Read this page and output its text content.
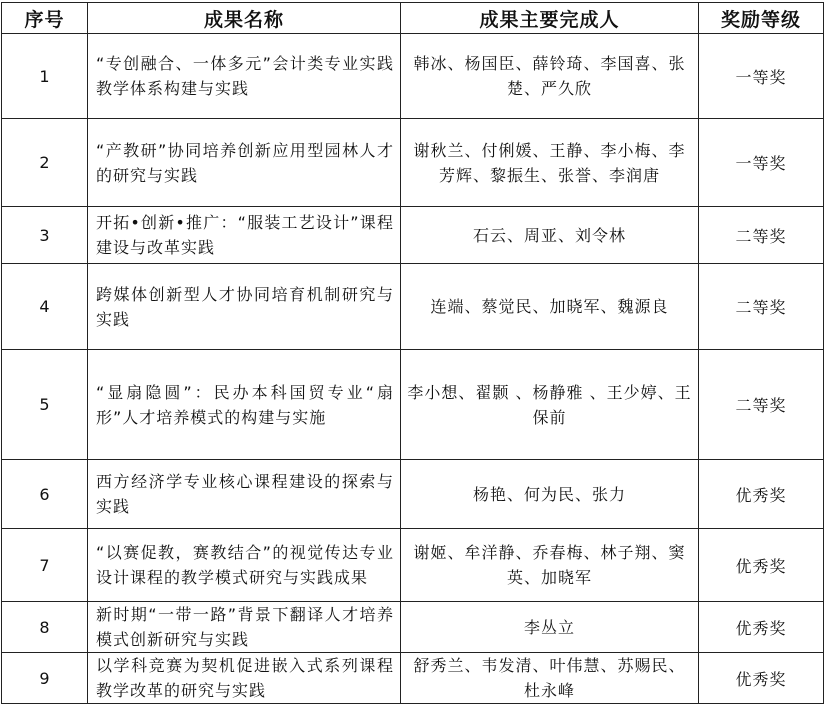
序号	成果名称	成果主要完成人	奖励等级
1	“专创融合、一体多元”会计类专业实践教学体系构建与实践	韩冰、杨国臣、薛铃琦、李国喜、张楚、严久欣	一等奖
2	“产教研”协同培养创新应用型园林人才的研究与实践	谢秋兰、付俐媛、王静、李小梅、李芳辉、黎振生、张誉、李润唐	一等奖
3	开拓•创新•推广：“服装工艺设计”课程建设与改革实践	石云、周亚、刘令林	二等奖
4	跨媒体创新型人才协同培育机制研究与实践	连端、蔡觉民、加晓军、魏源良	二等奖
5	“显扇隐圆”：民办本科国贸专业“扇形”人才培养模式的构建与实施	李小想、翟颢 、杨静雅 、王少婷、王保前	二等奖
6	西方经济学专业核心课程建设的探索与实践	杨艳、何为民、张力	优秀奖
7	“以赛促教，赛教结合”的视觉传达专业设计课程的教学模式研究与实践成果	谢姬、牟洋静、乔春梅、林子翔、窦英、加晓军	优秀奖
8	新时期“一带一路”背景下翻译人才培养模式创新研究与实践	李丛立	优秀奖
9	以学科竞赛为契机促进嵌入式系列课程教学改革的研究与实践	舒秀兰、韦发清、叶伟慧、苏赐民、杜永峰	优秀奖
